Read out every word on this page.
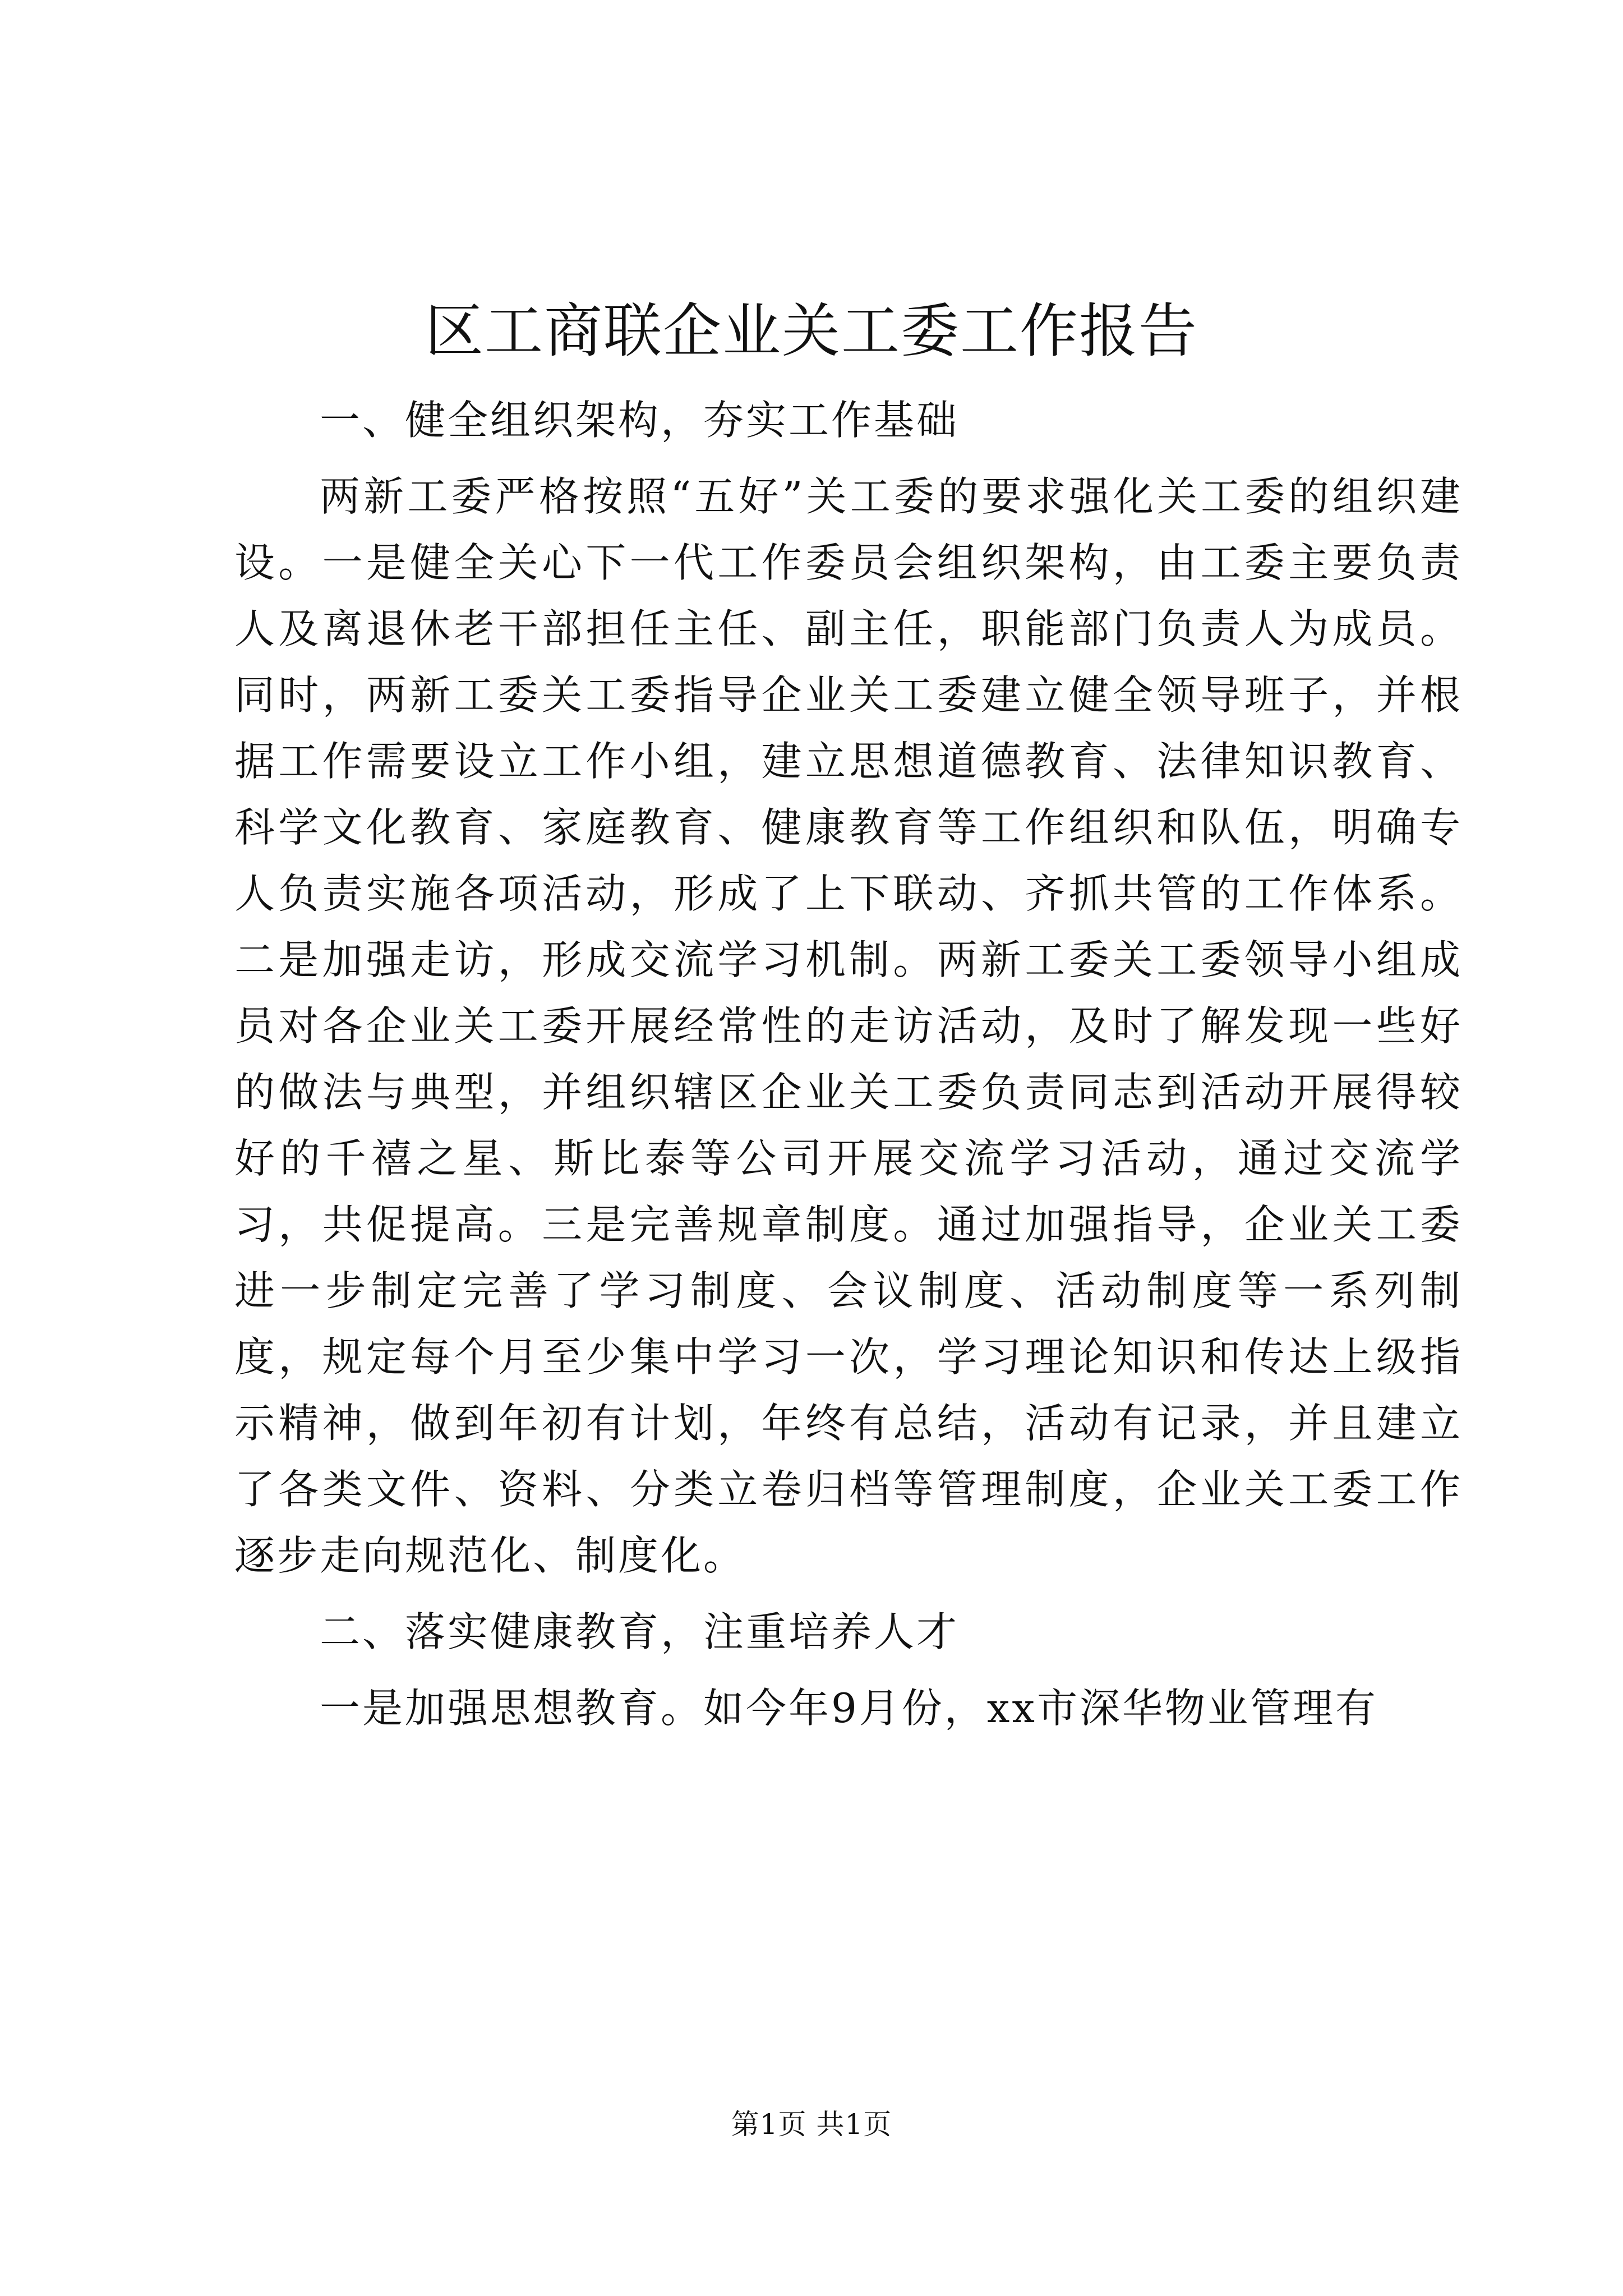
区工商联企业关工委工作报告

一、健全组织架构，夯实工作基础

两新工委严格按照“五好”关工委的要求强化关工委的组织建设。一是健全关心下一代工作委员会组织架构，由工委主要负责人及离退休老干部担任主任、副主任，职能部门负责人为成员。同时，两新工委关工委指导企业关工委建立健全领导班子，并根据工作需要设立工作小组，建立思想道德教育、法律知识教育、科学文化教育、家庭教育、健康教育等工作组织和队伍，明确专人负责实施各项活动，形成了上下联动、齐抓共管的工作体系。二是加强走访，形成交流学习机制。两新工委关工委领导小组成员对各企业关工委开展经常性的走访活动，及时了解发现一些好的做法与典型，并组织辖区企业关工委负责同志到活动开展得较好的千禧之星、斯比泰等公司开展交流学习活动，通过交流学习，共促提高。三是完善规章制度。通过加强指导，企业关工委进一步制定完善了学习制度、会议制度、活动制度等一系列制度，规定每个月至少集中学习一次，学习理论知识和传达上级指示精神，做到年初有计划，年终有总结，活动有记录，并且建立了各类文件、资料、分类立卷归档等管理制度，企业关工委工作逐步走向规范化、制度化。

二、落实健康教育，注重培养人才

一是加强思想教育。如今年9月份，xx市深华物业管理有

第1页 共1页
